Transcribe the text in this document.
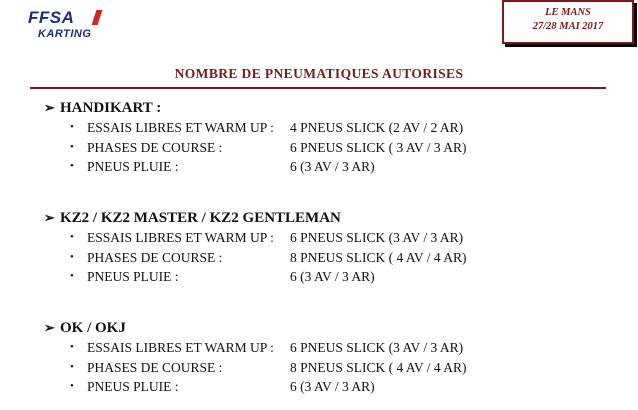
FFSA
KARTING
LE MANS
27/28 MAI 2017
NOMBRE DE PNEUMATIQUES AUTORISES
➢ HANDIKART :
• ESSAIS LIBRES ET WARM UP : 4 PNEUS SLICK (2 AV / 2 AR)
• PHASES DE COURSE :	6 PNEUS SLICK ( 3 AV / 3 AR)
• PNEUS PLUIE :	6 (3 AV / 3 AR)
➢ KZ2 / KZ2 MASTER / KZ2 GENTLEMAN
• ESSAIS LIBRES ET WARM UP : 6 PNEUS SLICK (3 AV / 3 AR)
• PHASES DE COURSE :	8 PNEUS SLICK ( 4 AV / 4 AR)
• PNEUS PLUIE :	6 (3 AV / 3 AR)
➢ OK / OKJ
• ESSAIS LIBRES ET WARM UP : 6 PNEUS SLICK (3 AV / 3 AR)
• PHASES DE COURSE :	8 PNEUS SLICK ( 4 AV / 4 AR)
• PNEUS PLUIE :	6 (3 AV / 3 AR)
